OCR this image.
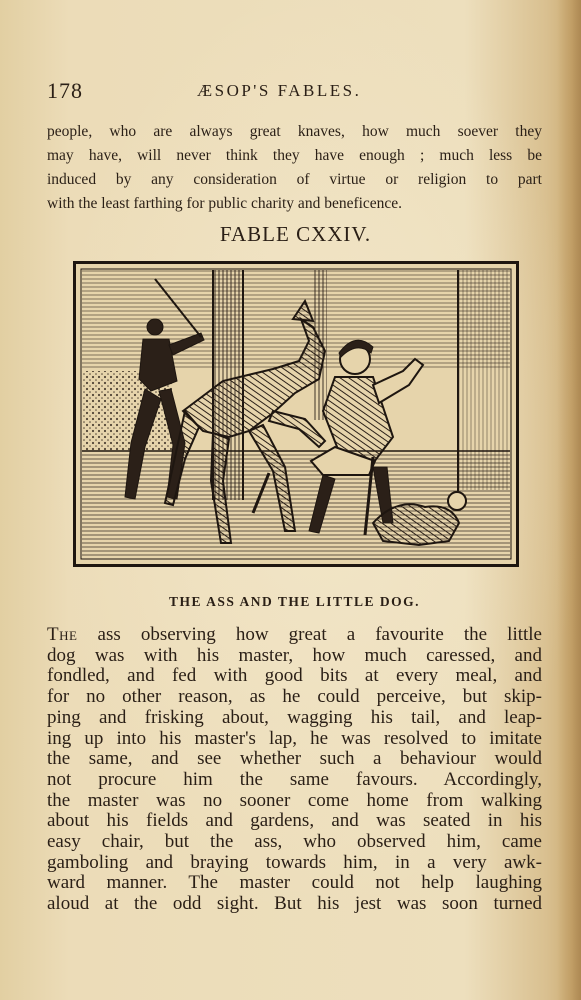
178	ÆSOP'S FABLES.
people, who are always great knaves, how much soever they
may have, will never think they have enough ; much less be
induced by any consideration of virtue or religion to part
with the least farthing for public charity and beneficence.
FABLE CXXIV.
THE ASS AND THE LITTLE DOG.
The ass observing how great a favourite the little
dog was with his master, how much caressed, and
fondled, and fed with good bits at every meal, and
for no other reason, as he could perceive, but skip-
ping and frisking about, wagging his tail, and leap-
ing up into his master's lap, he was resolved to imitate
the same, and see whether such a behaviour would
not procure him the same favours. Accordingly,
the master was no sooner come home from walking
about his fields and gardens, and was seated in his
easy chair, but the ass, who observed him, came
gamboling and braying towards him, in a very awk-
ward manner. The master could not help laughing
aloud at the odd sight. But his jest was soon turned
